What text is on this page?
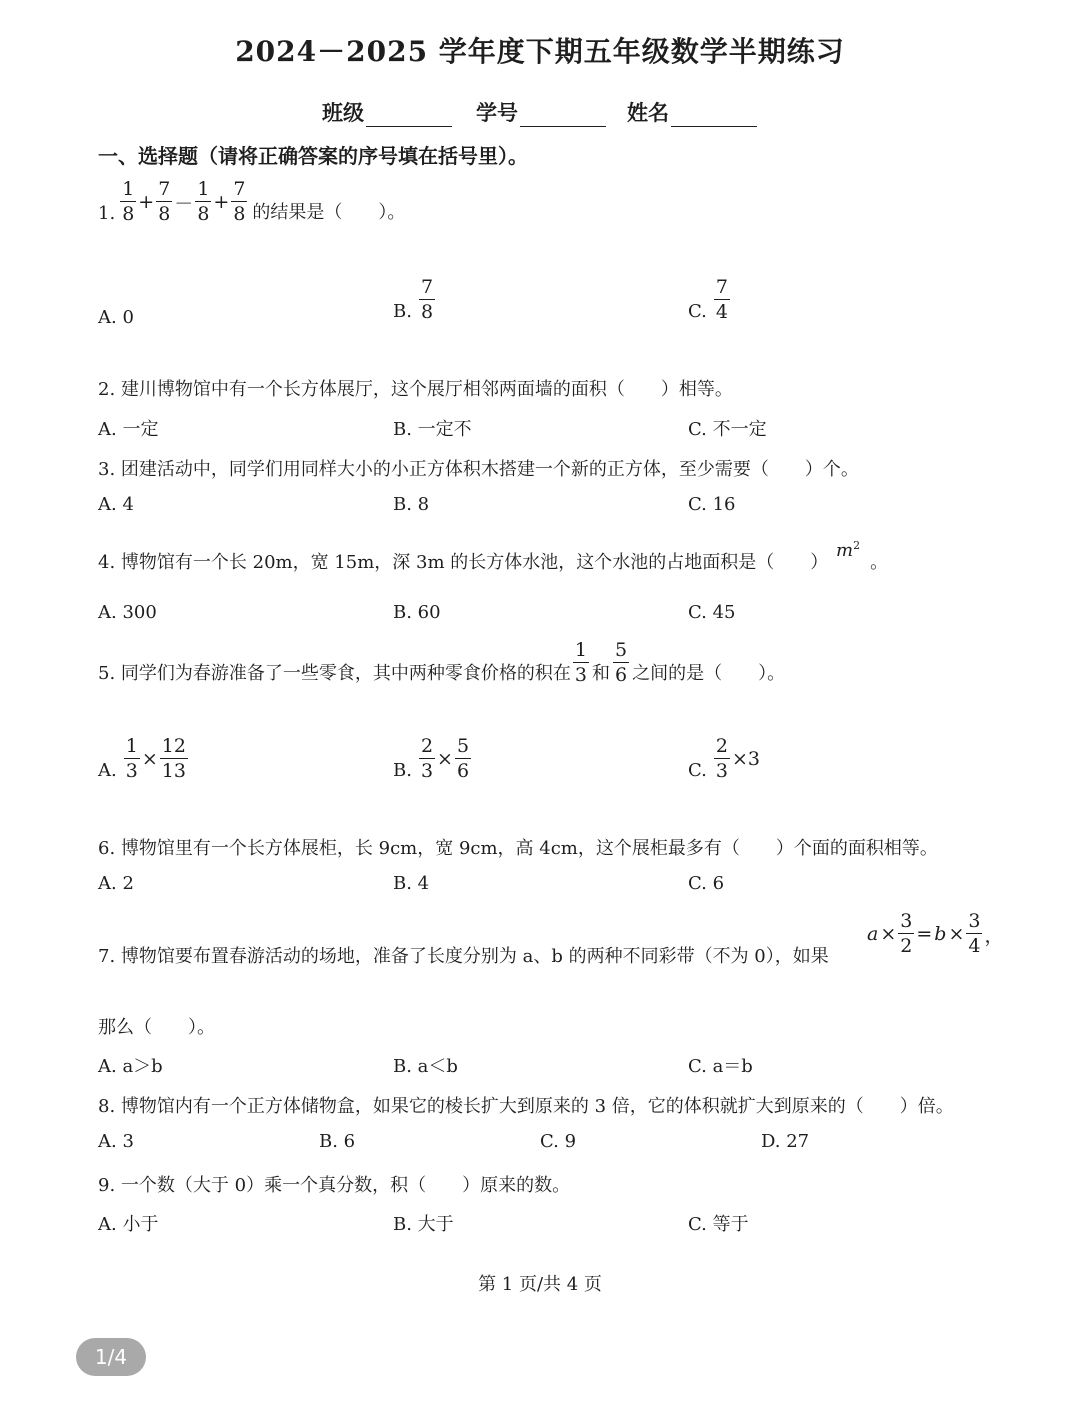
2024－2025 学年度下期五年级数学半期练习
班级	学号	姓名
一、选择题（请将正确答案的序号填在括号里）。
1. $\frac{1}{8} + \frac{7}{8} - \frac{1}{8} + \frac{7}{8}$ 的结果是（　　）。
A. 0	B. $\frac{7}{8}$	C. $\frac{7}{4}$
2. 建川博物馆中有一个长方体展厅，这个展厅相邻两面墙的面积（　　）相等。
A. 一定	B. 一定不	C. 不一定
3. 团建活动中，同学们用同样大小的小正方体积木搭建一个新的正方体，至少需要（　　）个。
A. 4	B. 8	C. 16
4. 博物馆有一个长 20m，宽 15m，深 3m 的长方体水池，这个水池的占地面积是（　　）
$m^2$。
A. 300	B. 60	C. 45
5. 同学们为春游准备了一些零食，其中两种零食价格的积在 $\frac{1}{3}$ 和 $\frac{5}{6}$ 之间的是（　　）。
A. $\frac{1}{3} \times \frac{12}{13}$	B. $\frac{2}{3} \times \frac{5}{6}$	C. $\frac{2}{3} \times 3$
6. 博物馆里有一个长方体展柜，长 9cm，宽 9cm，高 4cm，这个展柜最多有（　　）个面的面积相等。
A. 2	B. 4	C. 6
7. 博物馆要布置春游活动的场地，准备了长度分别为 a、b 的两种不同彩带（不为 0），如果
$a \times \frac{3}{2} = b \times \frac{3}{4}$ ，
那么（　　）。
A. a＞b	B. a＜b	C. a＝b
8. 博物馆内有一个正方体储物盒，如果它的棱长扩大到原来的 3 倍，它的体积就扩大到原来的（　　）倍。
A. 3	B. 6	C. 9	D. 27
9. 一个数（大于 0）乘一个真分数，积（　　）原来的数。
A. 小于	B. 大于	C. 等于
第 1 页/共 4 页
1/4
